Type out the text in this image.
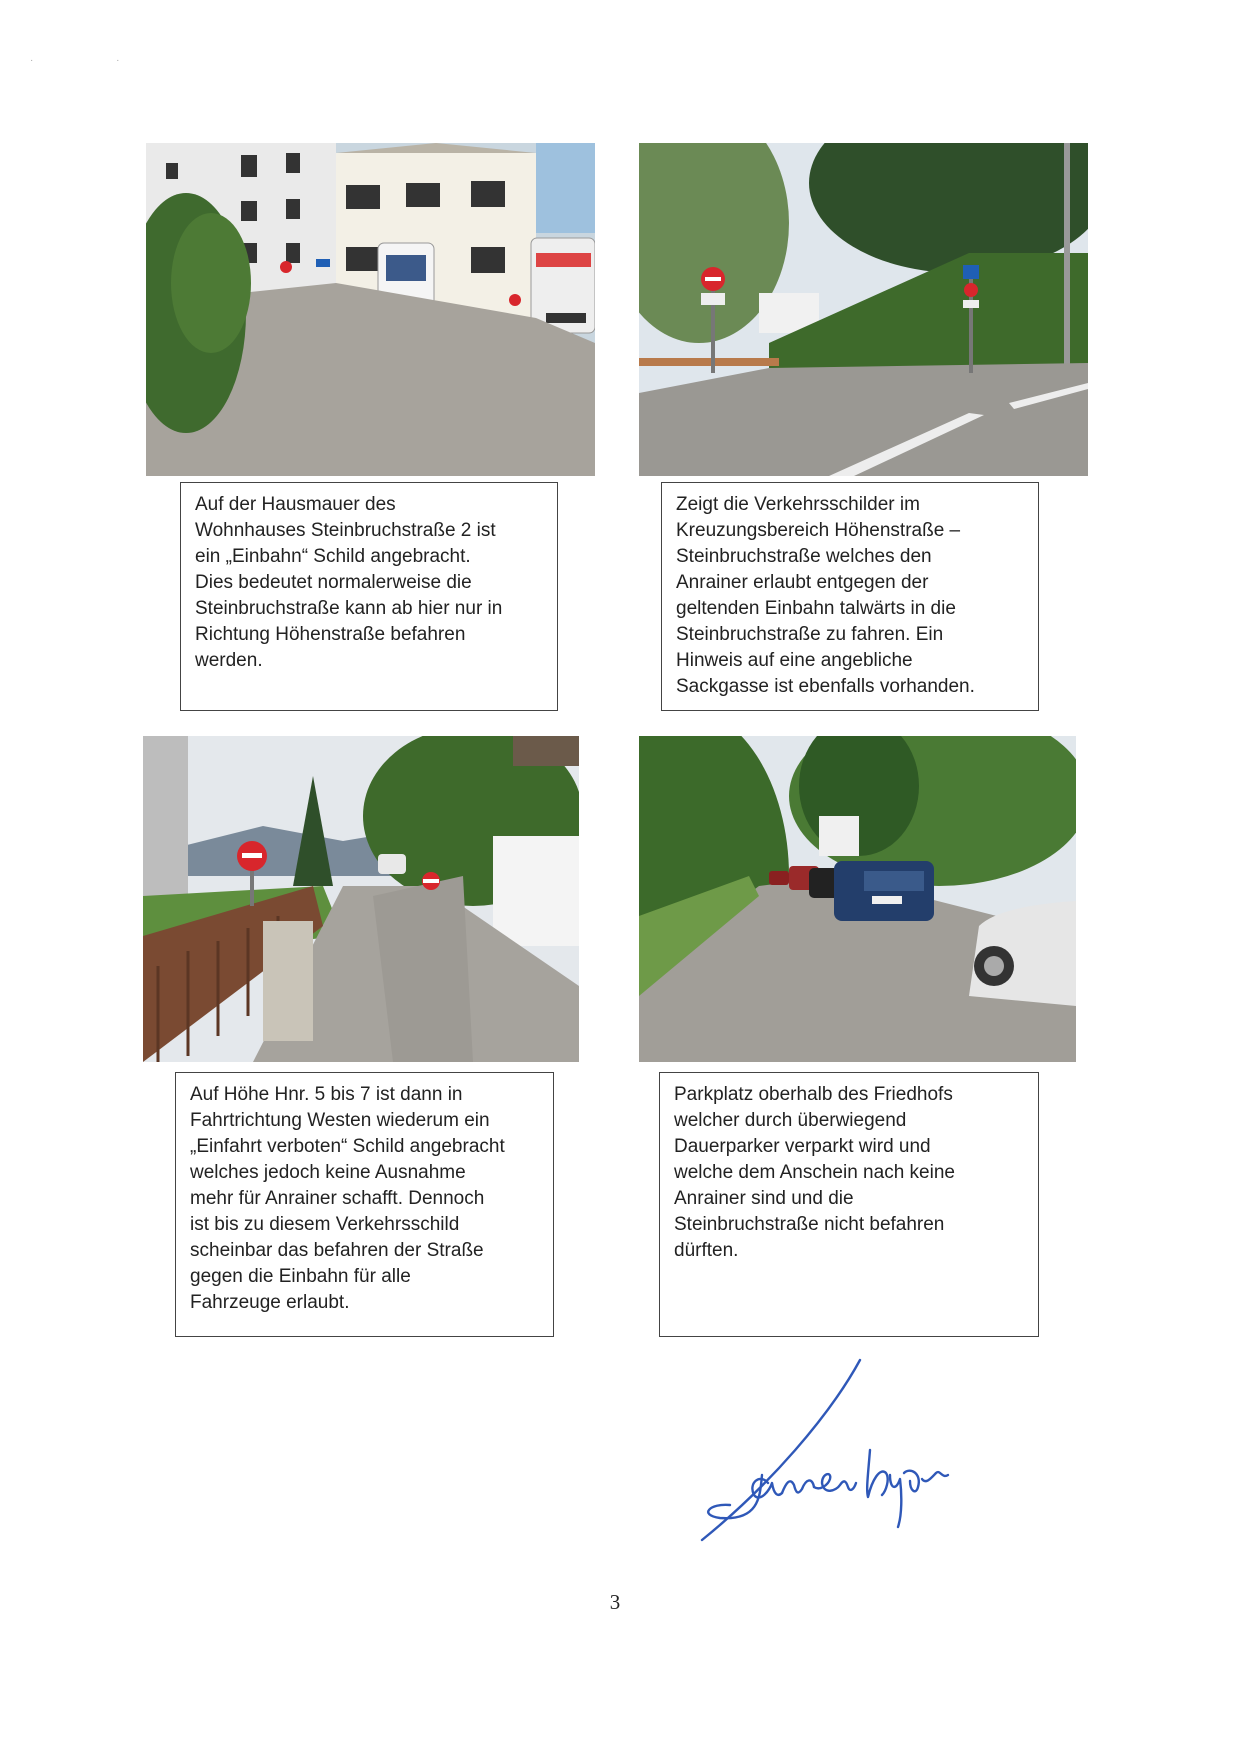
· ·
Auf der Hausmauer des
Wohnhauses Steinbruchstraße 2 ist
ein „Einbahn“ Schild angebracht.
Dies bedeutet normalerweise die
Steinbruchstraße kann ab hier nur in
Richtung Höhenstraße befahren
werden.
Zeigt die Verkehrsschilder im
Kreuzungsbereich Höhenstraße –
Steinbruchstraße welches den
Anrainer erlaubt entgegen der
geltenden Einbahn talwärts in die
Steinbruchstraße zu fahren. Ein
Hinweis auf eine angebliche
Sackgasse ist ebenfalls vorhanden.
Auf Höhe Hnr. 5 bis 7 ist dann in
Fahrtrichtung Westen wiederum ein
„Einfahrt verboten“ Schild angebracht
welches jedoch keine Ausnahme
mehr für Anrainer schafft. Dennoch
ist bis zu diesem Verkehrsschild
scheinbar das befahren der Straße
gegen die Einbahn für alle
Fahrzeuge erlaubt.
Parkplatz oberhalb des Friedhofs
welcher durch überwiegend
Dauerparker verparkt wird und
welche dem Anschein nach keine
Anrainer sind und die
Steinbruchstraße nicht befahren
dürften.
3
